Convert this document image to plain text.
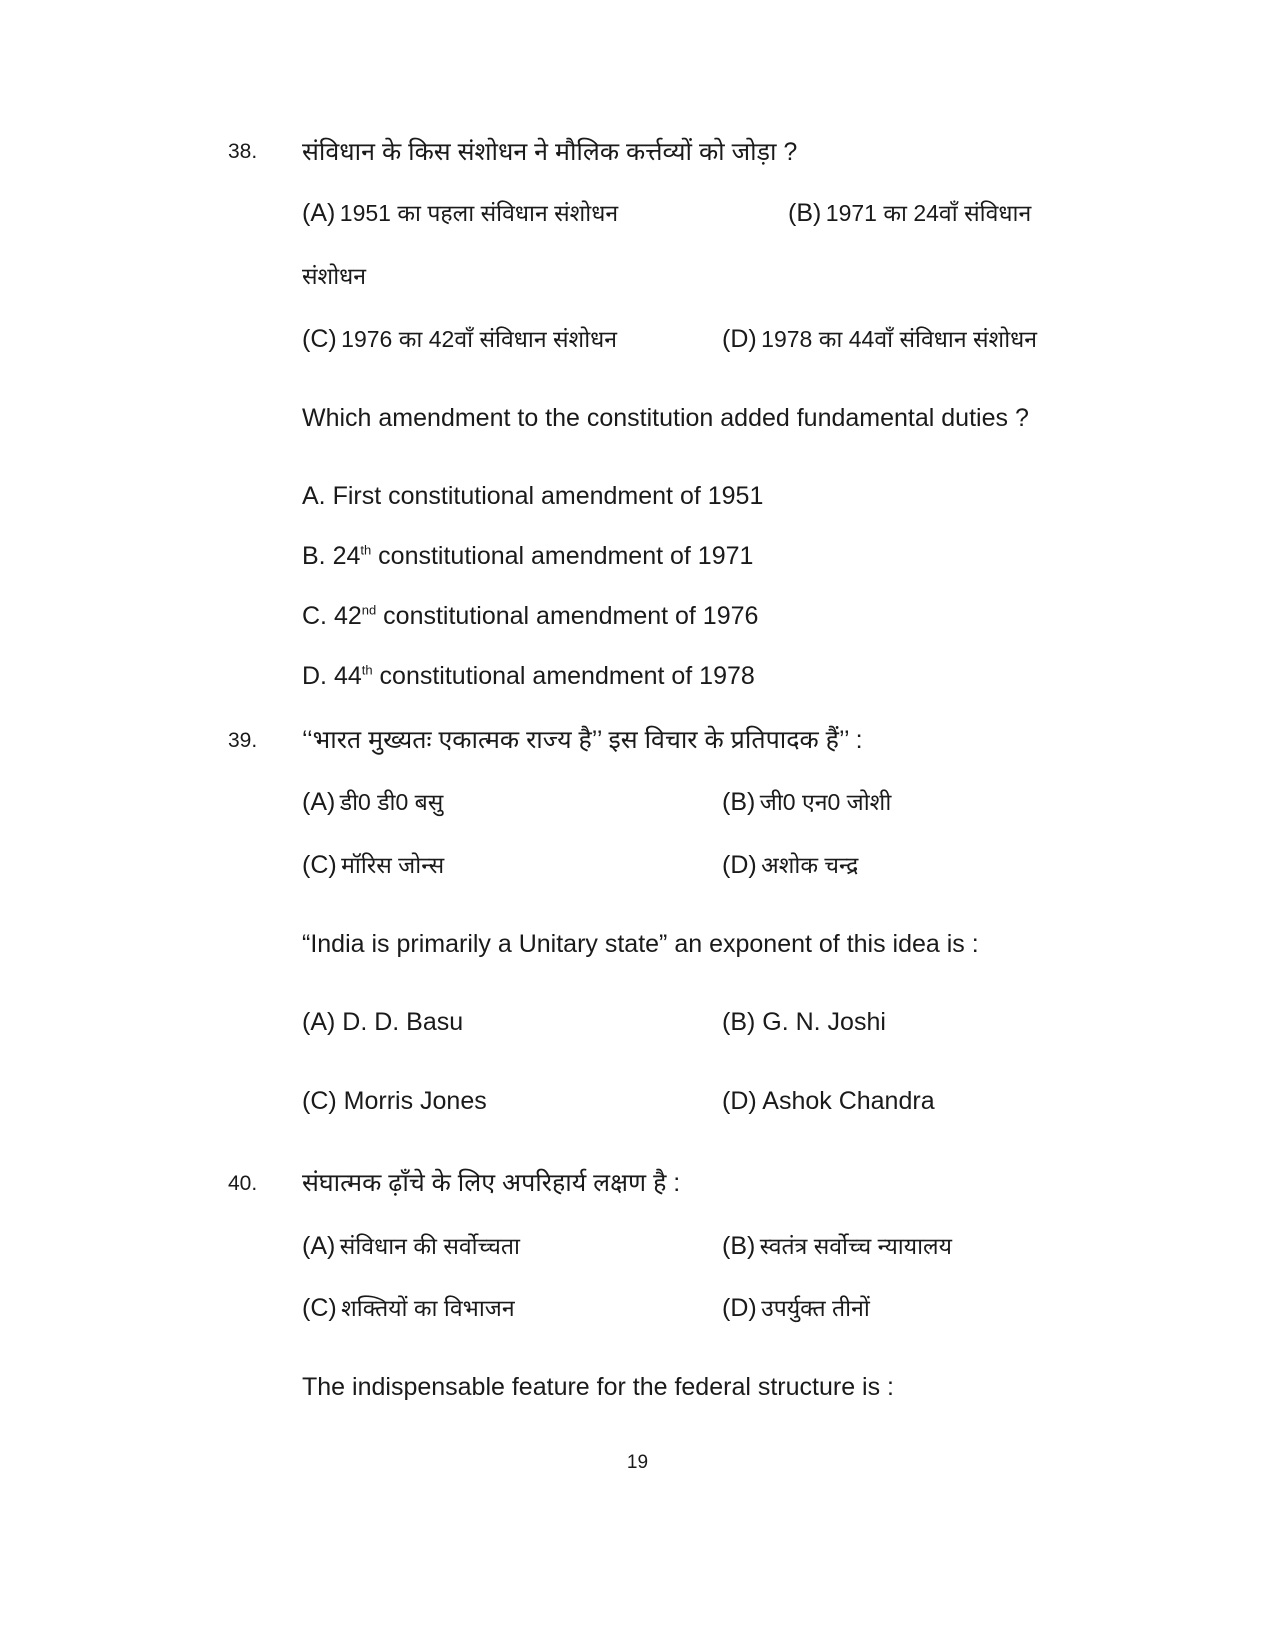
38. संविधान के किस संशोधन ने मौलिक कर्त्तव्यों को जोड़ा ?
(A) 1951 का पहला संविधान संशोधन	(B) 1971 का 24वाँ संविधान
संशोधन
(C) 1976 का 42वाँ संविधान संशोधन	(D) 1978 का 44वाँ संविधान संशोधन
Which amendment to the constitution added fundamental duties ?
A. First constitutional amendment of 1951
B. 24th constitutional amendment of 1971
C. 42nd constitutional amendment of 1976
D. 44th constitutional amendment of 1978
39. ‘‘भारत मुख्यतः एकात्मक राज्य है’’ इस विचार के प्रतिपादक हैं’’ :
(A) डी0 डी0 बसु	(B) जी0 एन0 जोशी
(C) मॉरिस जोन्स	(D) अशोक चन्द्र
“India is primarily a Unitary state” an exponent of this idea is :
(A) D. D. Basu	(B) G. N. Joshi
(C) Morris Jones	(D) Ashok Chandra
40. संघात्मक ढ़ाँचे के लिए अपरिहार्य लक्षण है :
(A) संविधान की सर्वोच्चता	(B) स्वतंत्र सर्वोच्च न्यायालय
(C) शक्तियों का विभाजन	(D) उपर्युक्त तीनों
The indispensable feature for the federal structure is :
19
